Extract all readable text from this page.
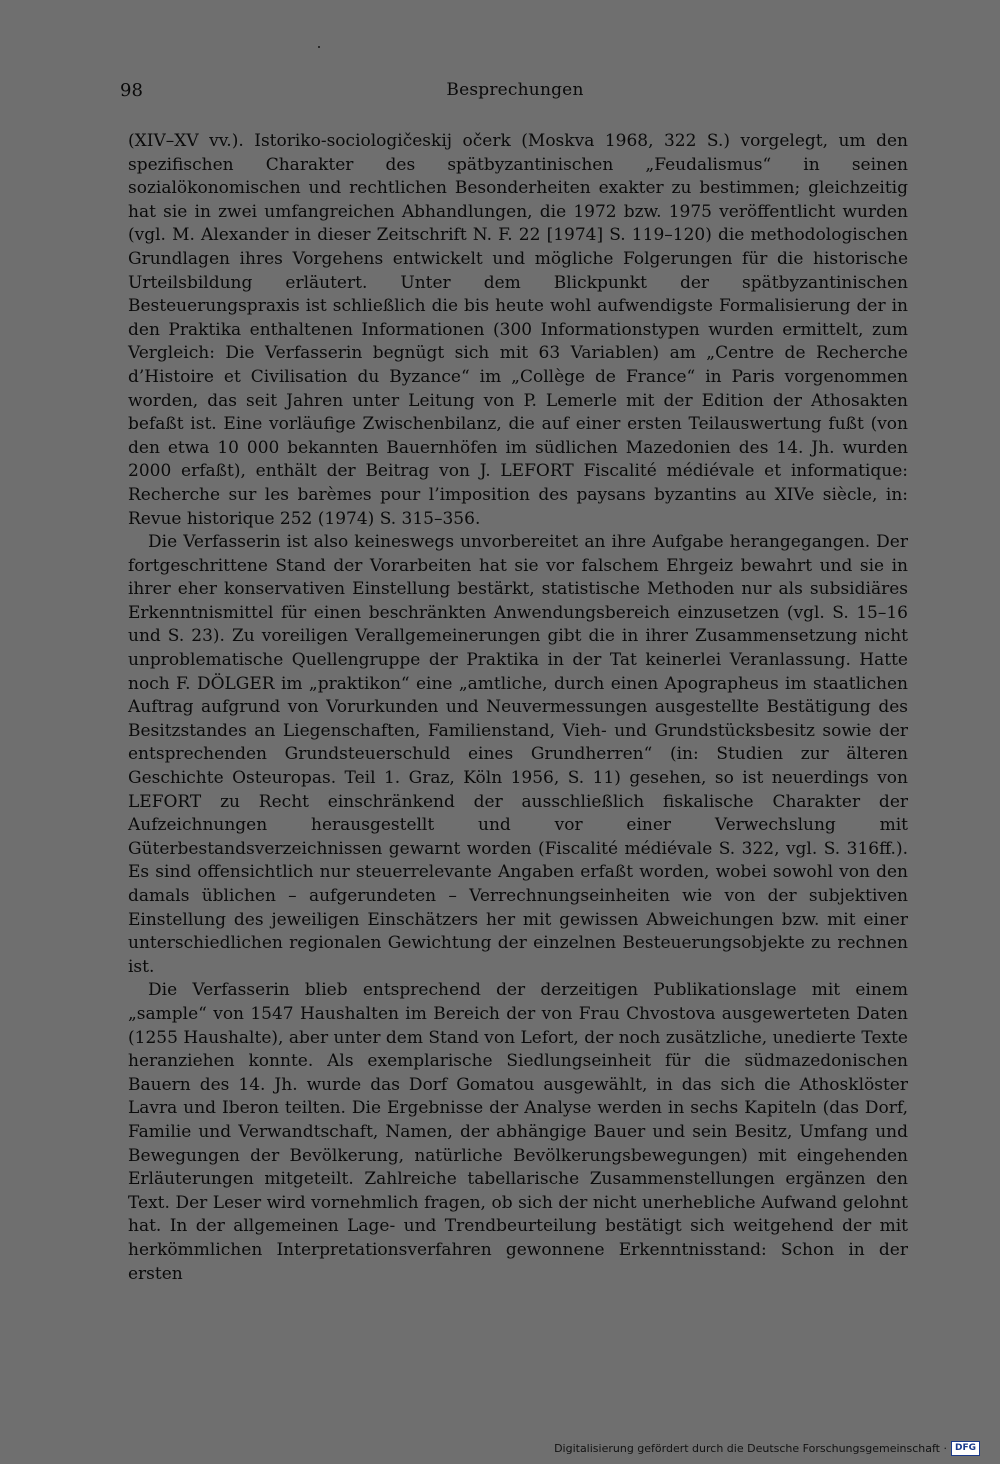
98	Besprechungen

(XIV–XV vv.). Istoriko-sociologičeskij očerk (Moskva 1968, 322 S.) vorgelegt, um den spezifischen Charakter des spätbyzantinischen „Feudalismus“ in seinen sozialökonomischen und rechtlichen Besonderheiten exakter zu bestimmen; gleichzeitig hat sie in zwei umfangreichen Abhandlungen, die 1972 bzw. 1975 veröffentlicht wurden (vgl. M. Alexander in dieser Zeitschrift N. F. 22 [1974] S. 119–120) die methodologischen Grundlagen ihres Vorgehens entwickelt und mögliche Folgerungen für die historische Urteilsbildung erläutert. Unter dem Blickpunkt der spätbyzantinischen Besteuerungspraxis ist schließlich die bis heute wohl aufwendigste Formalisierung der in den Praktika enthaltenen Informationen (300 Informationstypen wurden ermittelt, zum Vergleich: Die Verfasserin begnügt sich mit 63 Variablen) am „Centre de Recherche d’Histoire et Civilisation du Byzance“ im „Collège de France“ in Paris vorgenommen worden, das seit Jahren unter Leitung von P. Lemerle mit der Edition der Athosakten befaßt ist. Eine vorläufige Zwischenbilanz, die auf einer ersten Teilauswertung fußt (von den etwa 10 000 bekannten Bauernhöfen im südlichen Mazedonien des 14. Jh. wurden 2000 erfaßt), enthält der Beitrag von J. LEFORT Fiscalité médiévale et informatique: Recherche sur les barèmes pour l’imposition des paysans byzantins au XIVe siècle, in: Revue historique 252 (1974) S. 315–356.

Die Verfasserin ist also keineswegs unvorbereitet an ihre Aufgabe herangegangen. Der fortgeschrittene Stand der Vorarbeiten hat sie vor falschem Ehrgeiz bewahrt und sie in ihrer eher konservativen Einstellung bestärkt, statistische Methoden nur als subsidiäres Erkenntnismittel für einen beschränkten Anwendungsbereich einzusetzen (vgl. S. 15–16 und S. 23). Zu voreiligen Verallgemeinerungen gibt die in ihrer Zusammensetzung nicht unproblematische Quellengruppe der Praktika in der Tat keinerlei Veranlassung. Hatte noch F. DÖLGER im „praktikon“ eine „amtliche, durch einen Apographeus im staatlichen Auftrag aufgrund von Vorurkunden und Neuvermessungen ausgestellte Bestätigung des Besitzstandes an Liegenschaften, Familienstand, Vieh- und Grundstücksbesitz sowie der entsprechenden Grundsteuerschuld eines Grundherren“ (in: Studien zur älteren Geschichte Osteuropas. Teil 1. Graz, Köln 1956, S. 11) gesehen, so ist neuerdings von LEFORT zu Recht einschränkend der ausschließlich fiskalische Charakter der Aufzeichnungen herausgestellt und vor einer Verwechslung mit Güterbestandsverzeichnissen gewarnt worden (Fiscalité médiévale S. 322, vgl. S. 316ff.). Es sind offensichtlich nur steuerrelevante Angaben erfaßt worden, wobei sowohl von den damals üblichen – aufgerundeten – Verrechnungseinheiten wie von der subjektiven Einstellung des jeweiligen Einschätzers her mit gewissen Abweichungen bzw. mit einer unterschiedlichen regionalen Gewichtung der einzelnen Besteuerungsobjekte zu rechnen ist.

Die Verfasserin blieb entsprechend der derzeitigen Publikationslage mit einem „sample“ von 1547 Haushalten im Bereich der von Frau Chvostova ausgewerteten Daten (1255 Haushalte), aber unter dem Stand von Lefort, der noch zusätzliche, unedierte Texte heranziehen konnte. Als exemplarische Siedlungseinheit für die südmazedonischen Bauern des 14. Jh. wurde das Dorf Gomatou ausgewählt, in das sich die Athosklöster Lavra und Iberon teilten. Die Ergebnisse der Analyse werden in sechs Kapiteln (das Dorf, Familie und Verwandtschaft, Namen, der abhängige Bauer und sein Besitz, Umfang und Bewegungen der Bevölkerung, natürliche Bevölkerungsbewegungen) mit eingehenden Erläuterungen mitgeteilt. Zahlreiche tabellarische Zusammenstellungen ergänzen den Text. Der Leser wird vornehmlich fragen, ob sich der nicht unerhebliche Aufwand gelohnt hat. In der allgemeinen Lage- und Trendbeurteilung bestätigt sich weitgehend der mit herkömmlichen Interpretationsverfahren gewonnene Erkenntnisstand: Schon in der ersten

Digitalisierung gefördert durch die Deutsche Forschungsgemeinschaft · DFG
